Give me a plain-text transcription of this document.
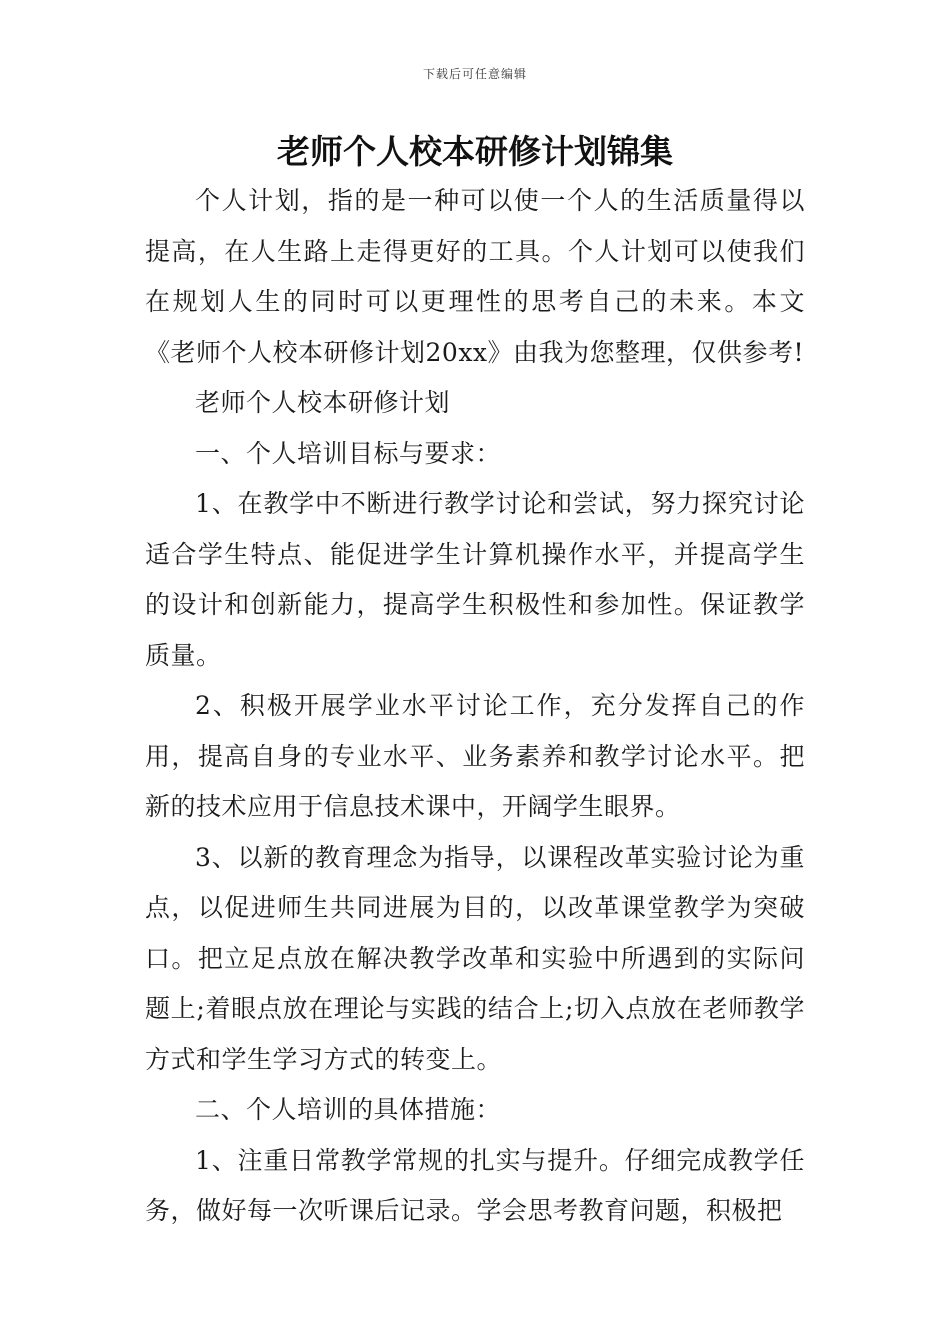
下载后可任意编辑
老师个人校本研修计划锦集

个人计划，指的是一种可以使一个人的生活质量得以提高，在人生路上走得更好的工具。个人计划可以使我们在规划人生的同时可以更理性的思考自己的未来。本文《老师个人校本研修计划20xx》由我为您整理，仅供参考!

老师个人校本研修计划

一、个人培训目标与要求：

1、在教学中不断进行教学讨论和尝试，努力探究讨论适合学生特点、能促进学生计算机操作水平，并提高学生的设计和创新能力，提高学生积极性和参加性。保证教学质量。

2、积极开展学业水平讨论工作，充分发挥自己的作用，提高自身的专业水平、业务素养和教学讨论水平。把新的技术应用于信息技术课中，开阔学生眼界。

3、以新的教育理念为指导，以课程改革实验讨论为重点，以促进师生共同进展为目的，以改革课堂教学为突破口。把立足点放在解决教学改革和实验中所遇到的实际问题上;着眼点放在理论与实践的结合上;切入点放在老师教学方式和学生学习方式的转变上。

二、个人培训的具体措施：

1、注重日常教学常规的扎实与提升。仔细完成教学任务，做好每一次听课后记录。学会思考教育问题，积极把
